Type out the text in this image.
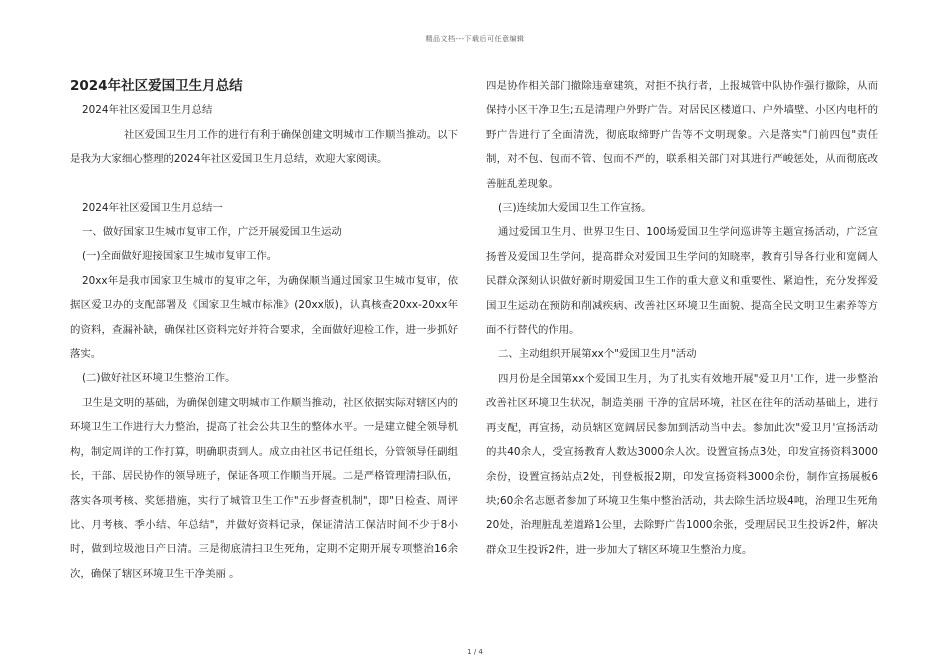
精品文档---下载后可任意编辑

2024年社区爱国卫生月总结

2024年社区爱国卫生月总结

社区爱国卫生月工作的进行有利于确保创建文明城市工作顺当推动。以下是我为大家细心整理的2024年社区爱国卫生月总结，欢迎大家阅读。

2024年社区爱国卫生月总结一

一、做好国家卫生城市复审工作，广泛开展爱国卫生运动

(一)全面做好迎接国家卫生城市复审工作。

20xx年是我市国家卫生城市的复审之年，为确保顺当通过国家卫生城市复审，依据区爱卫办的支配部署及《国家卫生城市标准》(20xx版)，认真核查20xx-20xx年的资料，查漏补缺，确保社区资料完好并符合要求，全面做好迎检工作，进一步抓好落实。

(二)做好社区环境卫生整治工作。

卫生是文明的基础，为确保创建文明城市工作顺当推动，社区依据实际对辖区内的环境卫生工作进行大力整治，提高了社会公共卫生的整体水平。一是建立健全领导机构，制定周详的工作打算，明确职责到人。成立由社区书记任组长，分管领导任副组长，干部、居民协作的领导班子，保证各项工作顺当开展。二是严格管理清扫队伍，落实各项考核、奖惩措施，实行了城管卫生工作"五步督查机制"，即"日检查、周评比、月考核、季小结、年总结"，并做好资料记录，保证清洁工保洁时间不少于8小时，做到垃圾池日产日清。三是彻底清扫卫生死角，定期不定期开展专项整治16余次，确保了辖区环境卫生干净美丽 。

四是协作相关部门撤除违章建筑，对拒不执行者，上报城管中队协作强行撤除，从而保持小区干净卫生;五是清理户外野广告。对居民区楼道口、户外墙壁、小区内电杆的野广告进行了全面清洗，彻底取缔野广告等不文明现象。六是落实"门前四包"责任制，对不包、包而不管、包而不严的，联系相关部门对其进行严峻惩处，从而彻底改善脏乱差现象。

(三)连续加大爱国卫生工作宣扬。

通过爱国卫生月、世界卫生日、100场爱国卫生学问巡讲等主题宣扬活动，广泛宣扬普及爱国卫生学问，提高群众对爱国卫生学问的知晓率，教育引导各行业和宽阔人民群众深刻认识做好新时期爱国卫生工作的重大意义和重要性、紧迫性，充分发挥爱国卫生运动在预防和削减疾病、改善社区环境卫生面貌、提高全民文明卫生素养等方面不行替代的作用。

二、主动组织开展第xx个"爱国卫生月"活动

四月份是全国第xx个爱国卫生月，为了扎实有效地开展"爱卫月'工作，进一步整治改善社区环境卫生状况，制造美丽 干净的宜居环境，社区在往年的活动基础上，进行再支配，再宣扬，动员辖区宽阔居民参加到活动当中去。参加此次"爱卫月'宣扬活动的共40余人，受宣扬教育人数达3000余人次。设置宣扬点3处，印发宣扬资料3000余份，设置宣扬站点2处，刊登板报2期，印发宣扬资料3000余份，制作宣扬展板6块;60余名志愿者参加了环境卫生集中整治活动，共去除生活垃圾4吨，治理卫生死角20处，治理脏乱差道路1公里，去除野广告1000余张，受理居民卫生投诉2件，解决群众卫生投诉2件，进一步加大了辖区环境卫生整治力度。

1 / 4
